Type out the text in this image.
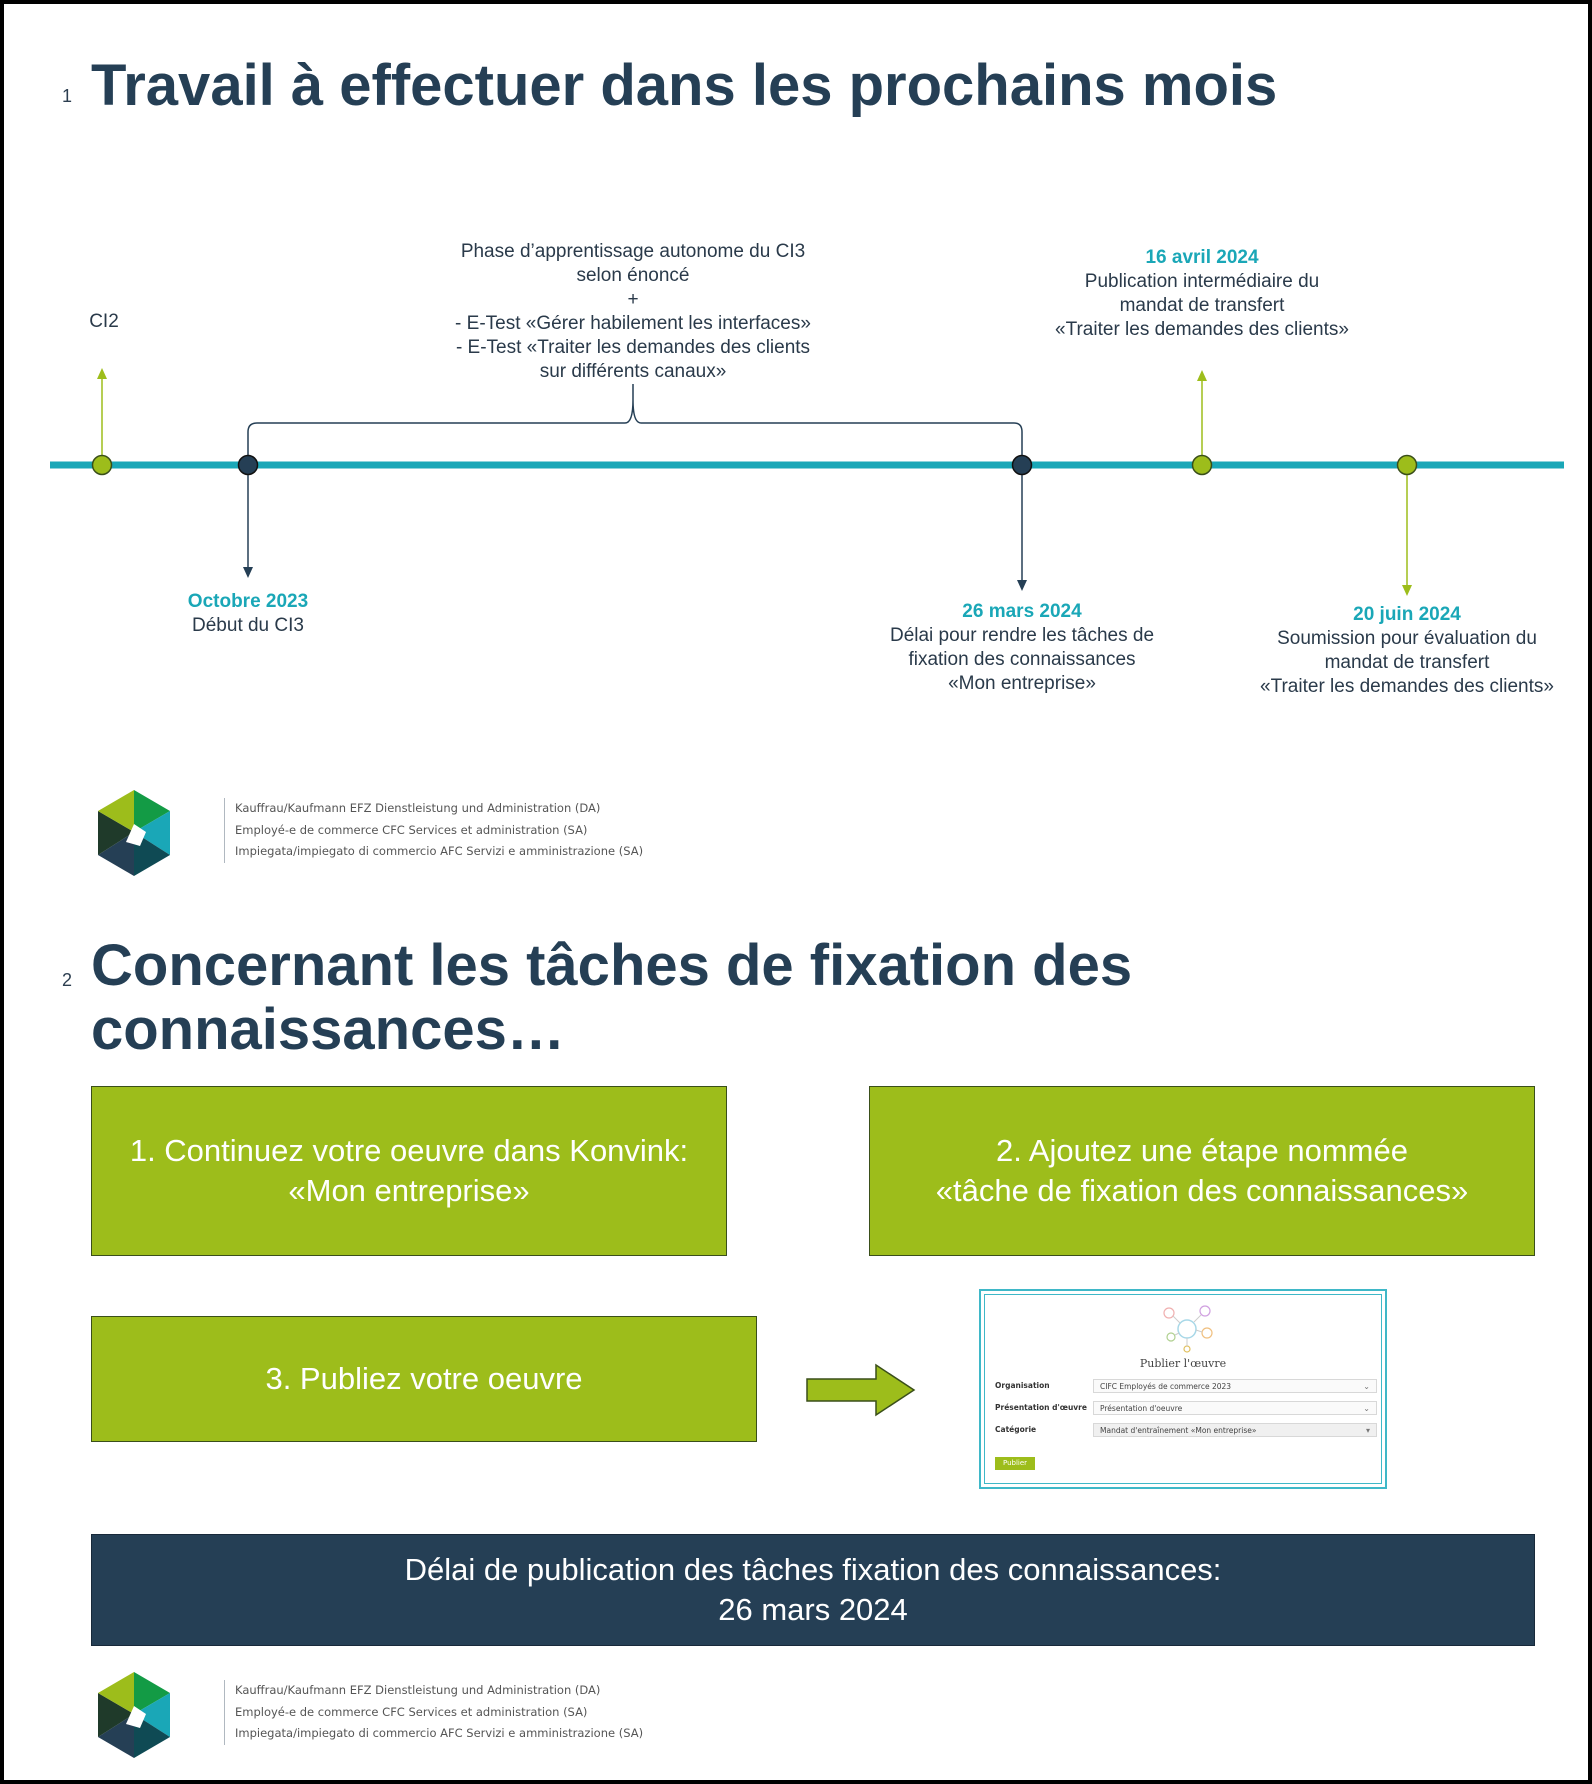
1 Travail à effectuer dans les prochains mois
Phase d’apprentissage autonome du CI3
selon énoncé
+
- E-Test «Gérer habilement les interfaces»
- E-Test «Traiter les demandes des clients
sur différents canaux»
CI2
Octobre 2023
Début du CI3
26 mars 2024
Délai pour rendre les tâches de
fixation des connaissances
«Mon entreprise»
16 avril 2024
Publication intermédiaire du
mandat de transfert
«Traiter les demandes des clients»
20 juin 2024
Soumission pour évaluation du
mandat de transfert
«Traiter les demandes des clients»
Kauffrau/Kaufmann EFZ Dienstleistung und Administration (DA)
Employé-e de commerce CFC Services et administration (SA)
Impiegata/impiegato di commercio AFC Servizi e amministrazione (SA)
2 Concernant les tâches de fixation des connaissances…
1. Continuez votre oeuvre dans Konvink:
«Mon entreprise»
2. Ajoutez une étape nommée
«tâche de fixation des connaissances»
3. Publiez votre oeuvre	Publier l'œuvre
Organisation	CIFC Employés de commerce 2023	⌄
Présentation d'œuvre	Présentation d'oeuvre	⌄
Catégorie	Mandat d'entraînement «Mon entreprise»	▾
Publier
Délai de publication des tâches fixation des connaissances:
26 mars 2024
Kauffrau/Kaufmann EFZ Dienstleistung und Administration (DA)
Employé-e de commerce CFC Services et administration (SA)
Impiegata/impiegato di commercio AFC Servizi e amministrazione (SA)
